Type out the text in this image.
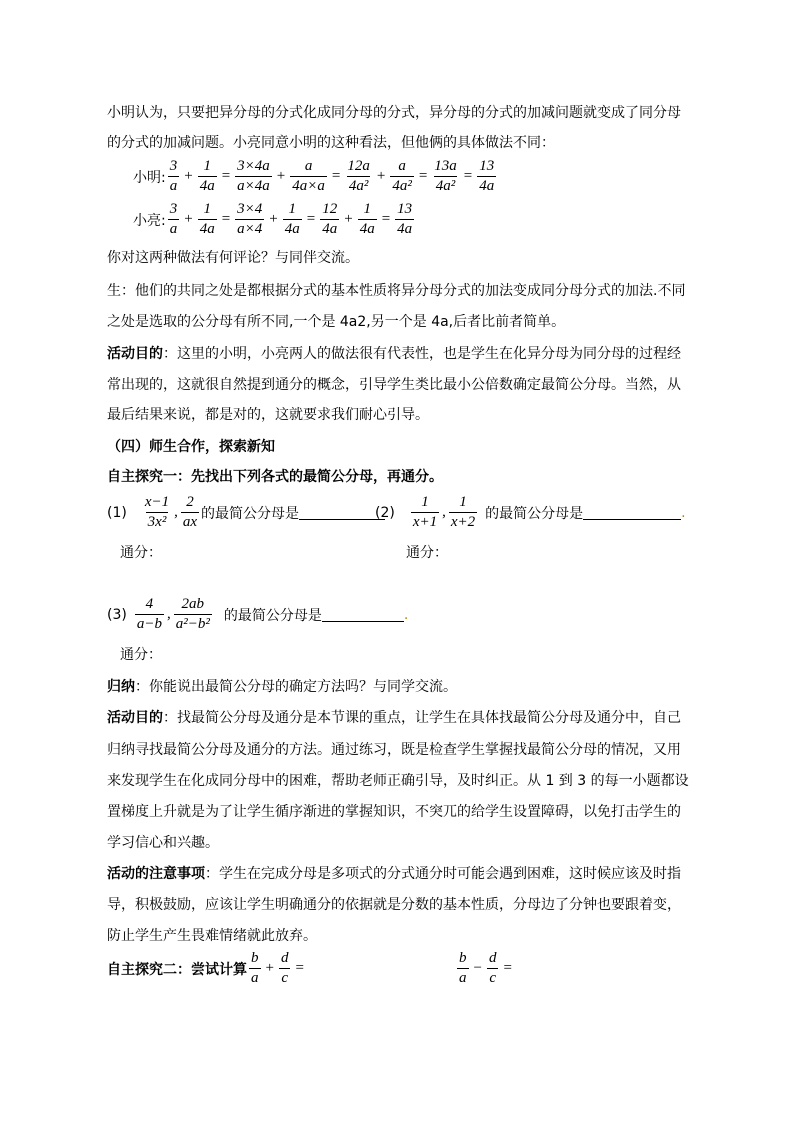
小明认为，只要把异分母的分式化成同分母的分式，异分母的分式的加减问题就变成了同分母
的分式的加减问题。小亮同意小明的这种看法，但他俩的具体做法不同：
小明: $\frac{3}{a} + \frac{1}{4a} = \frac{3\times 4a}{a\times 4a} + \frac{a}{4a\times a} = \frac{12a}{\text{4a²}} + \frac{a}{\text{4a²}} = \frac{13a}{\text{4a²}} = \frac{13}{4a}$
小亮: $\frac{3}{a} + \frac{1}{4a} = \frac{3\times 4}{a\times 4} + \frac{1}{4a} = \frac{12}{4a} + \frac{1}{4a} = \frac{13}{4a}$
你对这两种做法有何评论？与同伴交流。
生：他们的共同之处是都根据分式的基本性质将异分母分式的加法变成同分母分式的加法.不同
之处是选取的公分母有所不同,一个是 4a2,另一个是 4a,后者比前者简单。
活动目的：这里的小明，小亮两人的做法很有代表性，也是学生在化异分母为同分母的过程经
常出现的，这就很自然提到通分的概念，引导学生类比最小公倍数确定最简公分母。当然，从
最后结果来说，都是对的，这就要求我们耐心引导。
（四）师生合作，探索新知
自主探究一：先找出下列各式的最简公分母，再通分。
$(1) \frac{x-1}{\text{3x²}}$ , $\frac{2}{ax}$ 的最简公分母是	$(2) \frac{1}{x+1}$ , $\frac{1}{x+2}$ 的最简公分母是	.
通分：	通分：
$(3) \frac{4}{a-b}$ , $\frac{2ab}{\text{a²−b²}}$ 的最简公分母是	.
通分：
归纳：你能说出最简公分母的确定方法吗？与同学交流。
活动目的：找最简公分母及通分是本节课的重点，让学生在具体找最简公分母及通分中，自己
归纳寻找最简公分母及通分的方法。通过练习，既是检查学生掌握找最简公分母的情况，又用
来发现学生在化成同分母中的困难，帮助老师正确引导，及时纠正。从 1 到 3 的每一小题都设
置梯度上升就是为了让学生循序渐进的掌握知识，不突兀的给学生设置障碍，以免打击学生的
学习信心和兴趣。
活动的注意事项：学生在完成分母是多项式的分式通分时可能会遇到困难，这时候应该及时指
导，积极鼓励，应该让学生明确通分的依据就是分数的基本性质，分母边了分钟也要跟着变，
防止学生产生畏难情绪就此放弃。
自主探究二：尝试计算 $\frac{b}{a} + \frac{d}{c}$ =	$\frac{b}{a} - \frac{d}{c}$ =
